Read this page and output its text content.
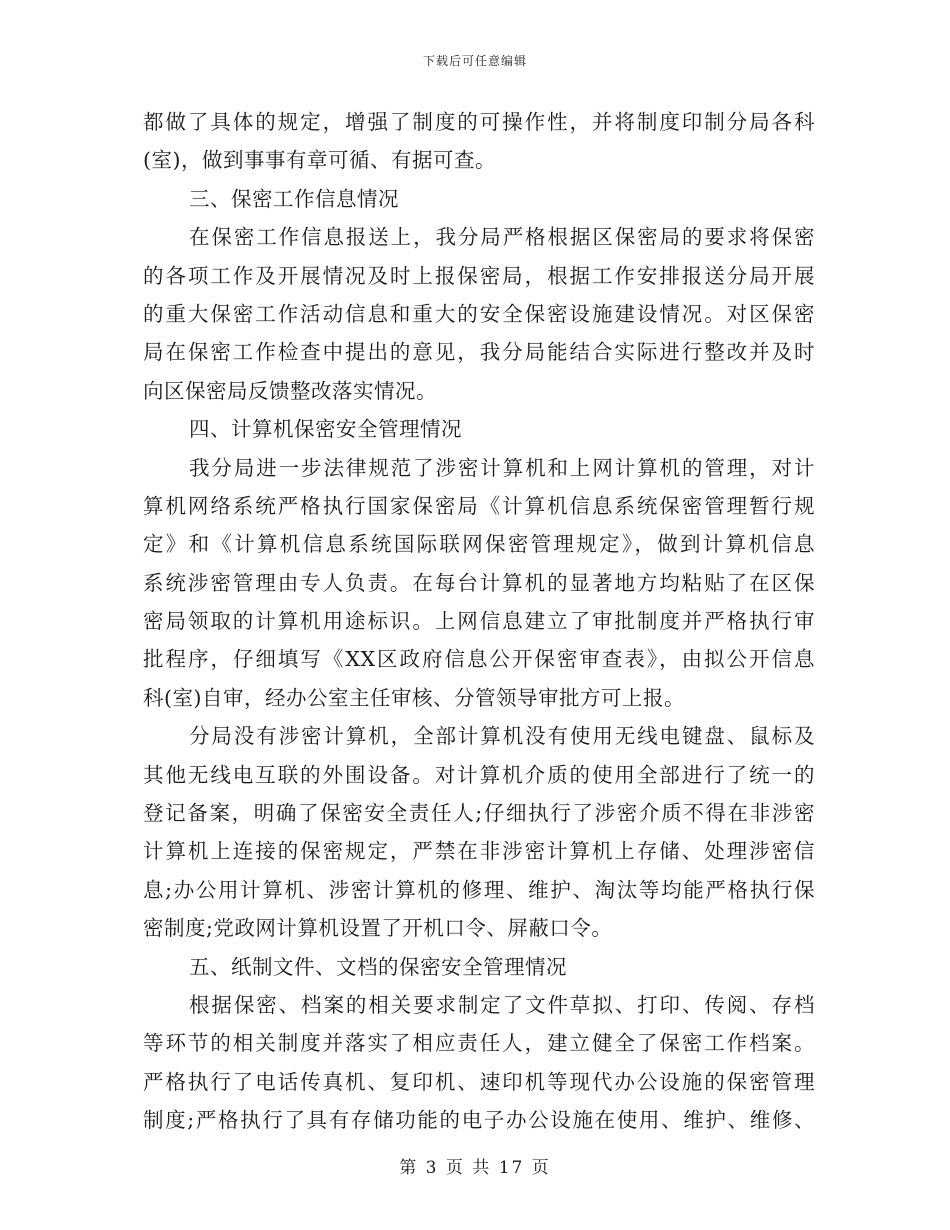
下载后可任意编辑
都做了具体的规定，增强了制度的可操作性，并将制度印制分局各科
(室)，做到事事有章可循、有据可查。
三、保密工作信息情况
在保密工作信息报送上，我分局严格根据区保密局的要求将保密
的各项工作及开展情况及时上报保密局，根据工作安排报送分局开展
的重大保密工作活动信息和重大的安全保密设施建设情况。对区保密
局在保密工作检查中提出的意见，我分局能结合实际进行整改并及时
向区保密局反馈整改落实情况。
四、计算机保密安全管理情况
我分局进一步法律规范了涉密计算机和上网计算机的管理，对计
算机网络系统严格执行国家保密局《计算机信息系统保密管理暂行规
定》和《计算机信息系统国际联网保密管理规定》，做到计算机信息
系统涉密管理由专人负责。在每台计算机的显著地方均粘贴了在区保
密局领取的计算机用途标识。上网信息建立了审批制度并严格执行审
批程序，仔细填写《XX区政府信息公开保密审查表》，由拟公开信息
科(室)自审，经办公室主任审核、分管领导审批方可上报。
分局没有涉密计算机，全部计算机没有使用无线电键盘、鼠标及
其他无线电互联的外围设备。对计算机介质的使用全部进行了统一的
登记备案，明确了保密安全责任人;仔细执行了涉密介质不得在非涉密
计算机上连接的保密规定，严禁在非涉密计算机上存储、处理涉密信
息;办公用计算机、涉密计算机的修理、维护、淘汰等均能严格执行保
密制度;党政网计算机设置了开机口令、屏蔽口令。
五、纸制文件、文档的保密安全管理情况
根据保密、档案的相关要求制定了文件草拟、打印、传阅、存档
等环节的相关制度并落实了相应责任人，建立健全了保密工作档案。
严格执行了电话传真机、复印机、速印机等现代办公设施的保密管理
制度;严格执行了具有存储功能的电子办公设施在使用、维护、维修、
第 3 页 共 17 页
